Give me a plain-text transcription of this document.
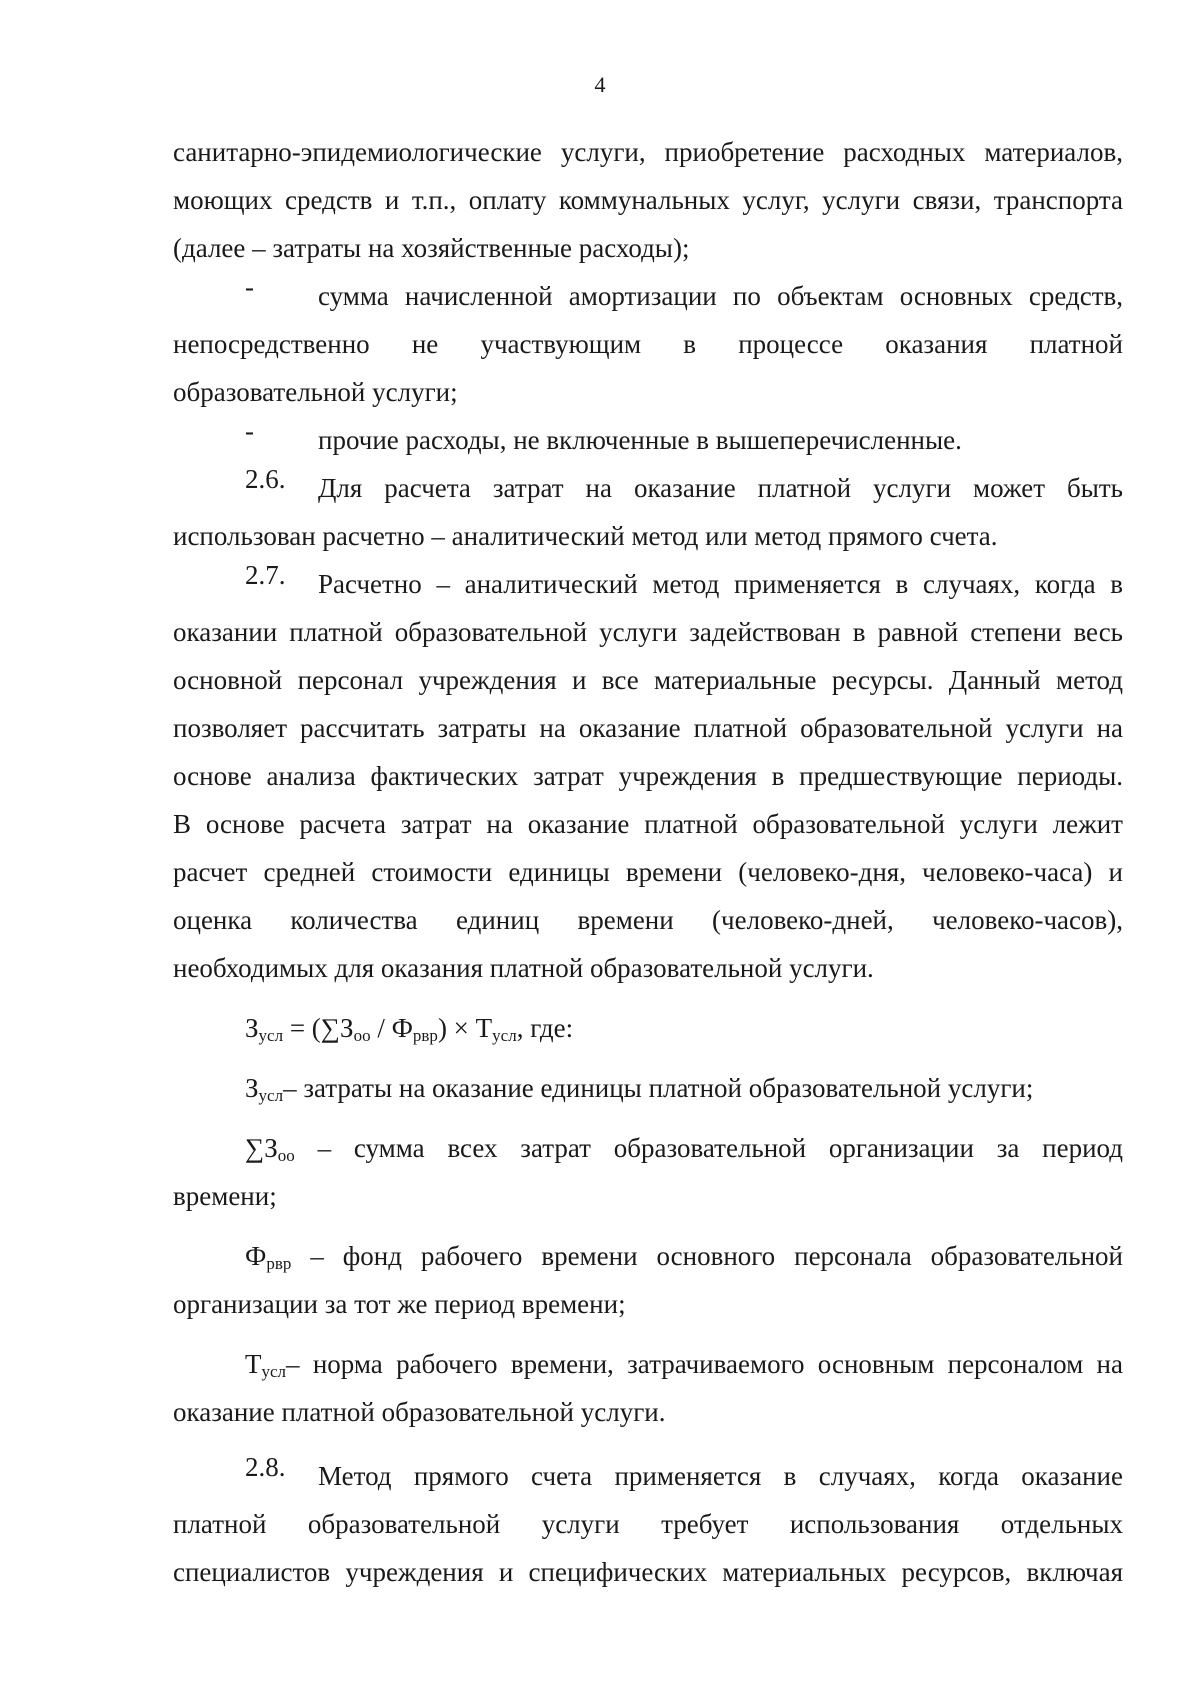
4

санитарно-эпидемиологические услуги, приобретение расходных материалов,

моющих средств и т.п., оплату коммунальных услуг, услуги связи, транспорта

(далее – затраты на хозяйственные расходы);

-	сумма начисленной амортизации по объектам основных средств,

непосредственно не участвующим в процессе оказания платной

образовательной услуги;

-	прочие расходы, не включенные в вышеперечисленные.

2.6.	Для расчета затрат на оказание платной услуги может быть

использован расчетно – аналитический метод или метод прямого счета.

2.7.	Расчетно – аналитический метод применяется в случаях, когда в

оказании платной образовательной услуги задействован в равной степени весь

основной персонал учреждения и все материальные ресурсы. Данный метод

позволяет рассчитать затраты на оказание платной образовательной услуги на

основе анализа фактических затрат учреждения в предшествующие периоды.

В основе расчета затрат на оказание платной образовательной услуги лежит

расчет средней стоимости единицы времени (человеко-дня, человеко-часа) и

оценка количества единиц времени (человеко-дней, человеко-часов),

необходимых для оказания платной образовательной услуги.

$З_{усл} = (\sum З_{оо} / Ф_{рвр}) \times Т_{усл}$, где:

$З_{усл}-$ затраты на оказание единицы платной образовательной услуги;

$\sum З_{оо}$ – сумма всех затрат образовательной организации за период

времени;

$Ф_{рвр}$ – фонд рабочего времени основного персонала образовательной

организации за тот же период времени;

$Т_{усл}-$ норма рабочего времени, затрачиваемого основным персоналом на

оказание платной образовательной услуги.

2.8.	Метод прямого счета применяется в случаях, когда оказание

платной образовательной услуги требует использования отдельных

специалистов учреждения и специфических материальных ресурсов, включая
